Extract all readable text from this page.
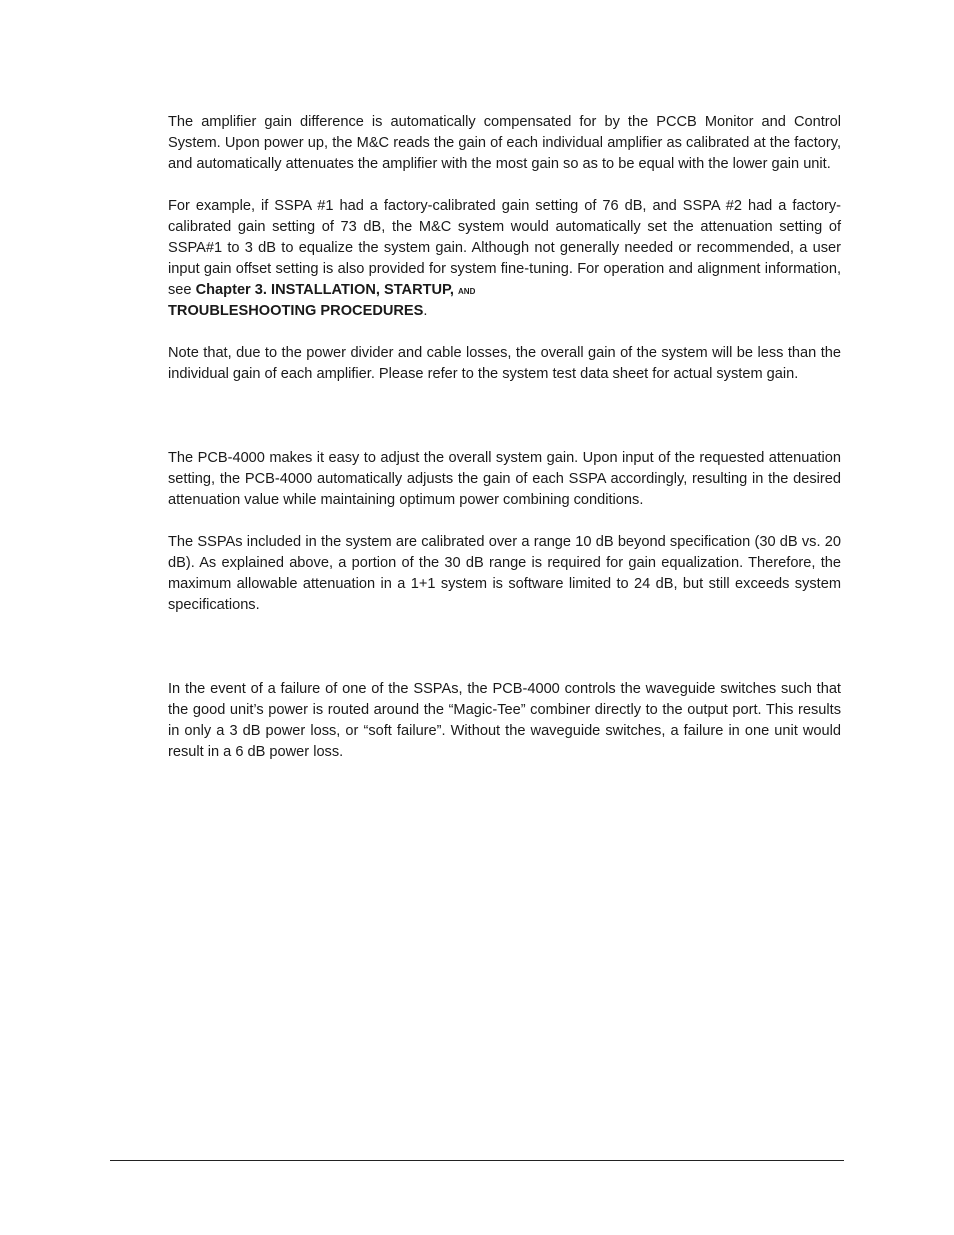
The amplifier gain difference is automatically compensated for by the PCCB Monitor and Control System. Upon power up, the M&C reads the gain of each individual amplifier as calibrated at the factory, and automatically attenuates the amplifier with the most gain so as to be equal with the lower gain unit.

For example, if SSPA #1 had a factory-calibrated gain setting of 76 dB, and SSPA #2 had a factory-calibrated gain setting of 73 dB, the M&C system would automatically set the attenuation setting of SSPA#1 to 3 dB to equalize the system gain. Although not generally needed or recommended, a user input gain offset setting is also provided for system fine-tuning. For operation and alignment information, see Chapter 3. INSTALLATION, STARTUP, and
TROUBLESHOOTING PROCEDURES.

Note that, due to the power divider and cable losses, the overall gain of the system will be less than the individual gain of each amplifier. Please refer to the system test data sheet for actual system gain.

The PCB-4000 makes it easy to adjust the overall system gain. Upon input of the requested attenuation setting, the PCB-4000 automatically adjusts the gain of each SSPA accordingly, resulting in the desired attenuation value while maintaining optimum power combining conditions.

The SSPAs included in the system are calibrated over a range 10 dB beyond specification (30 dB vs. 20 dB). As explained above, a portion of the 30 dB range is required for gain equalization. Therefore, the maximum allowable attenuation in a 1+1 system is software limited to 24 dB, but still exceeds system specifications.

In the event of a failure of one of the SSPAs, the PCB-4000 controls the waveguide switches such that the good unit’s power is routed around the “Magic-Tee” combiner directly to the output port. This results in only a 3 dB power loss, or “soft failure”. Without the waveguide switches, a failure in one unit would result in a 6 dB power loss.
